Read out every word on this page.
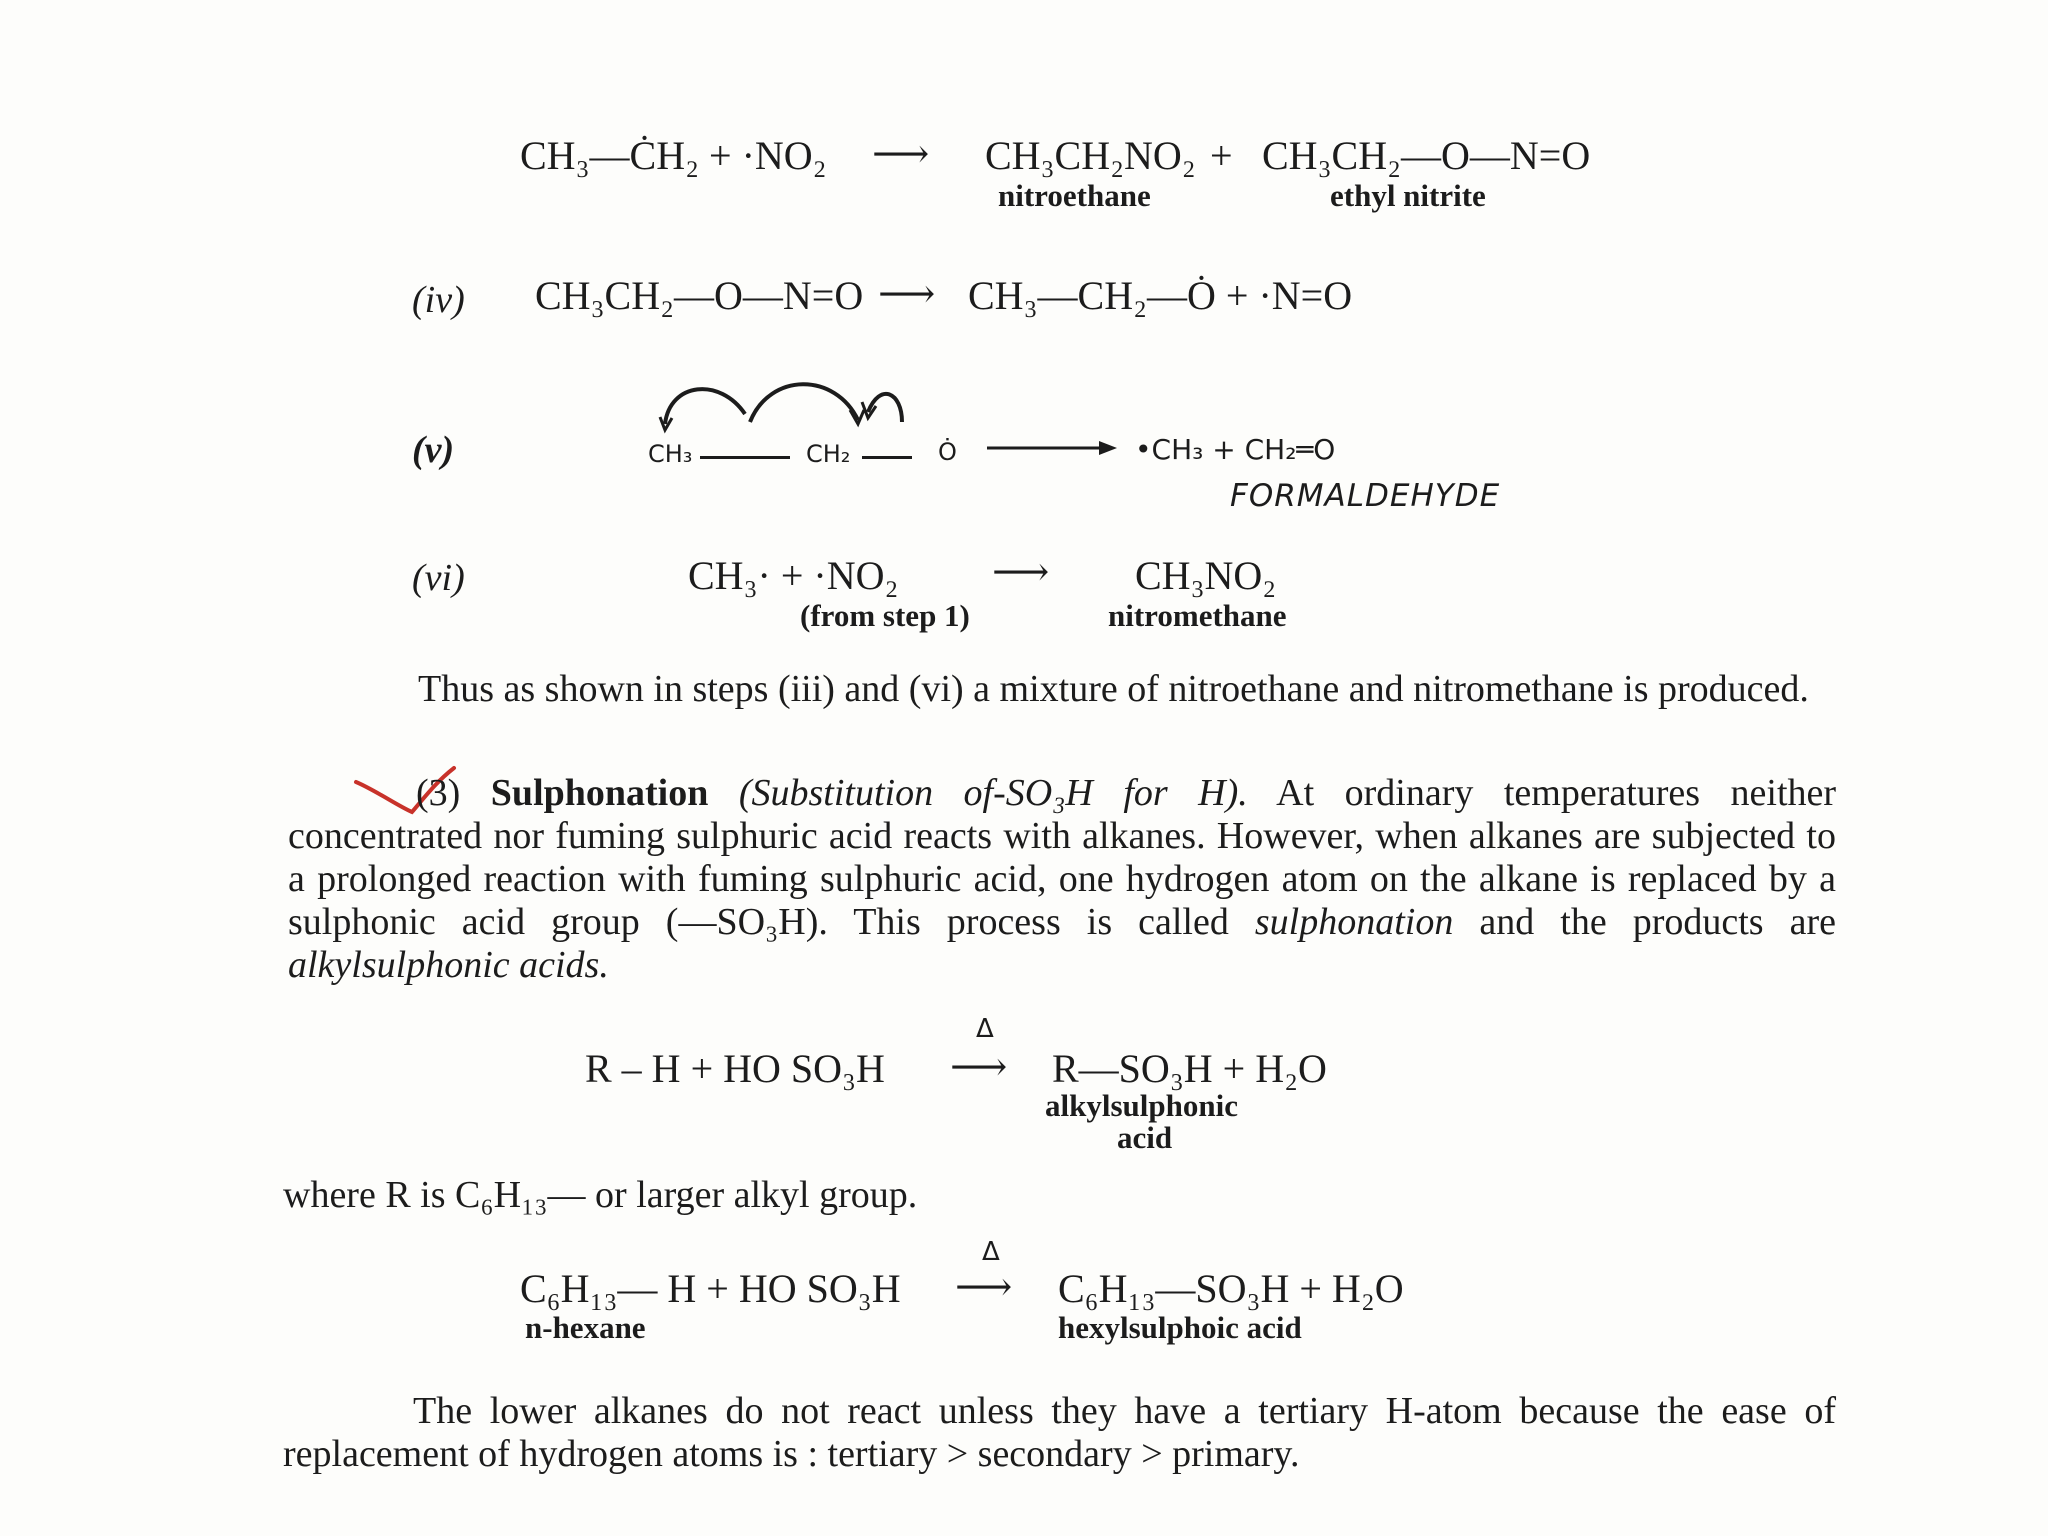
CH₃—ĊH₂ + ·NO₂ ⟶ CH₃CH₂NO₂
nitroethane
+ CH₃CH₂—O—N=O
ethyl nitrite
(iv) CH₃CH₂—O—N=O ⟶ CH₃—CH₂—Ȯ + ·N=O
(v)	CH₃	CH₂	Ȯ	•CH₃ + CH₂═O
FORMALDEHYDE
(vi)	CH₃· + ·NO₂
(from step 1)
⟶ CH₃NO₂
nitromethane
Thus as shown in steps (iii) and (vi) a mixture of nitroethane and nitromethane is produced.
(3) Sulphonation (Substitution of-SO₃H for H). At ordinary temperatures neither concentrated nor fuming sulphuric acid reacts with alkanes. However, when alkanes are subjected to a prolonged reaction with fuming sulphuric acid, one hydrogen atom on the alkane is replaced by a sulphonic acid group (—SO₃H). This process is called sulphonation and the products are alkylsulphonic acids.
R – H + HO SO₃H
Δ
⟶ R—SO₃H + H₂O
alkylsulphonic
acid
where R is C₆H₁₃— or larger alkyl group.
C₆H₁₃— H + HO SO₃H
n-hexane
Δ
⟶ C₆H₁₃—SO₃H + H₂O
hexylsulphoic acid
The lower alkanes do not react unless they have a tertiary H-atom because the ease of replacement of hydrogen atoms is : tertiary > secondary > primary.
